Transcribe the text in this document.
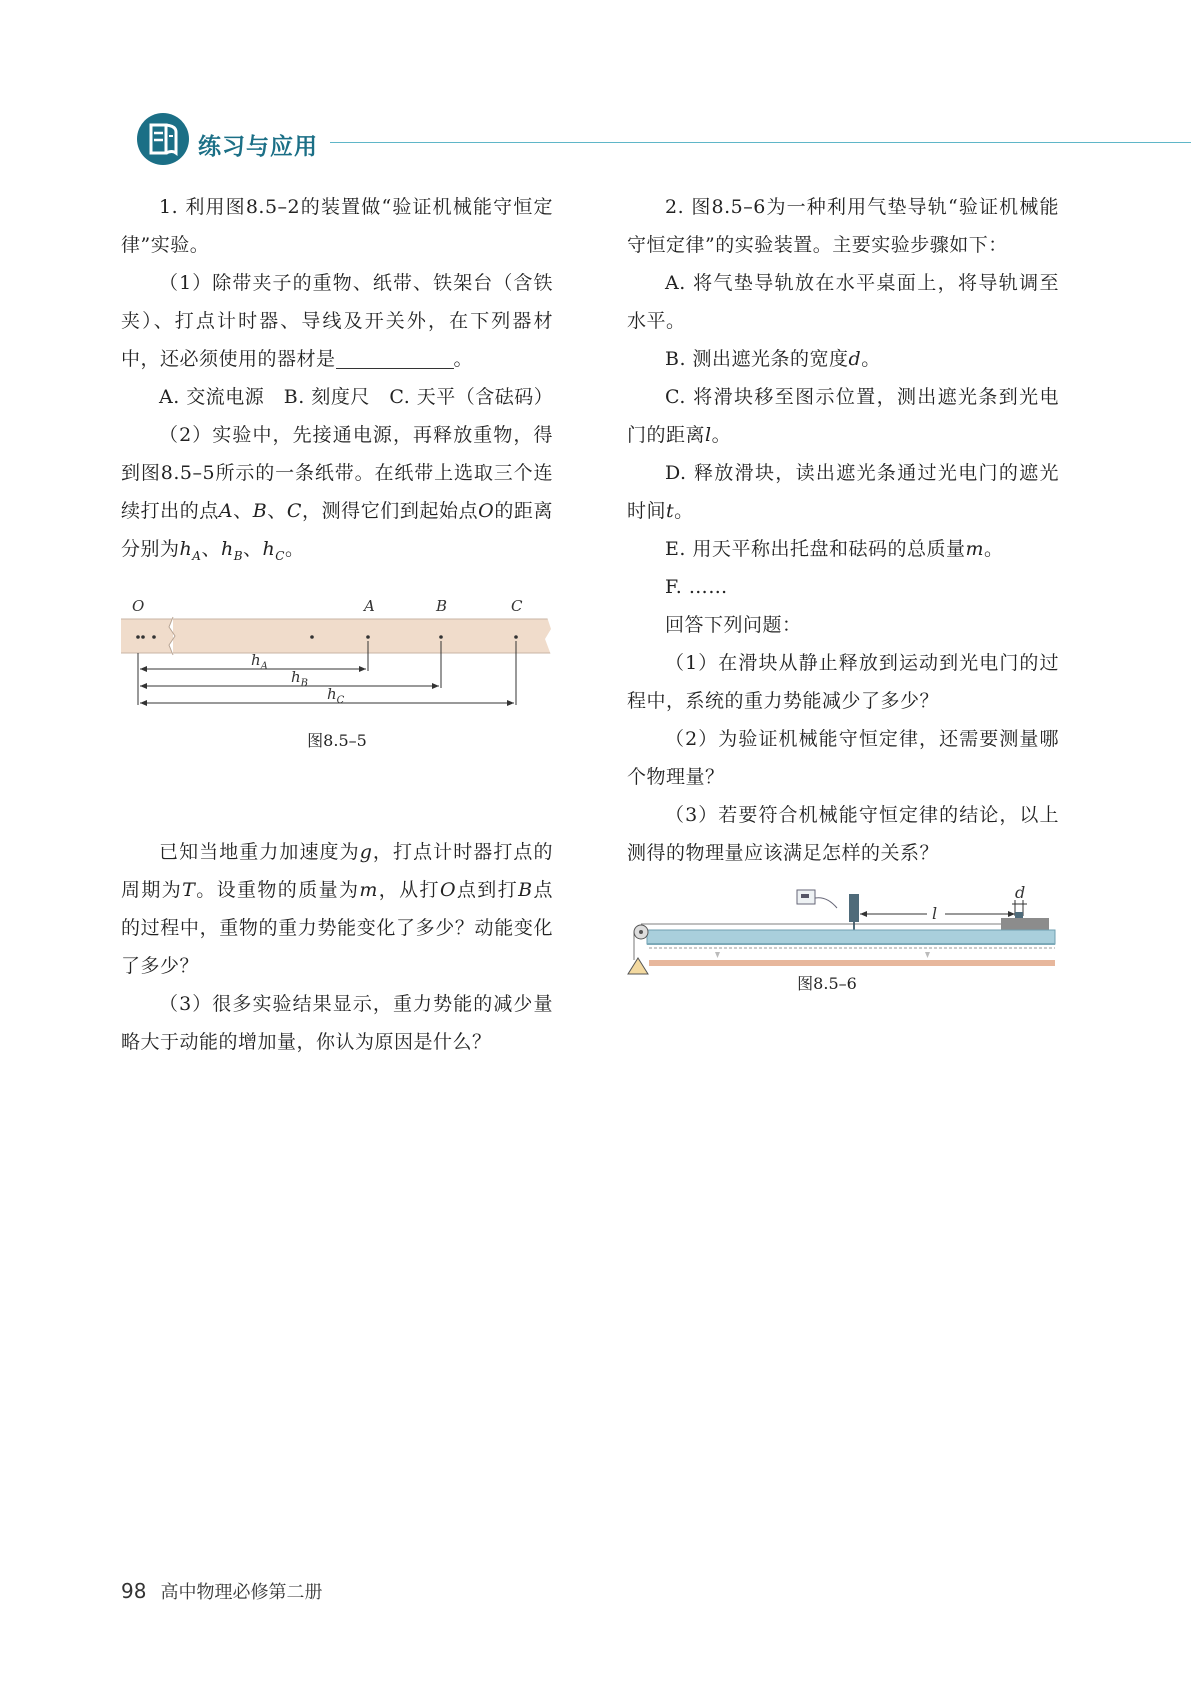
练习与应用

1. 利用图8.5–2的装置做“验证机械能守恒定律”实验。

（1）除带夹子的重物、纸带、铁架台（含铁夹）、打点计时器、导线及开关外，在下列器材中，还必须使用的器材是	。

A. 交流电源　B. 刻度尺　C. 天平（含砝码）

（2）实验中，先接通电源，再释放重物，得到图8.5–5所示的一条纸带。在纸带上选取三个连续打出的点A、B、C，测得它们到起始点O的距离分别为$h_A$、$h_B$、$h_C$。

O	A	B	C
$h_A$
$h_B$
$h_C$
图8.5–5

已知当地重力加速度为g，打点计时器打点的周期为T。设重物的质量为m，从打O点到打B点的过程中，重物的重力势能变化了多少？动能变化了多少？

（3）很多实验结果显示，重力势能的减少量略大于动能的增加量，你认为原因是什么？

2. 图8.5–6为一种利用气垫导轨“验证机械能守恒定律”的实验装置。主要实验步骤如下：

A. 将气垫导轨放在水平桌面上，将导轨调至水平。

B. 测出遮光条的宽度d。

C. 将滑块移至图示位置，测出遮光条到光电门的距离l。

D. 释放滑块，读出遮光条通过光电门的遮光时间t。

E. 用天平称出托盘和砝码的总质量m。

F. ……

回答下列问题：

（1）在滑块从静止释放到运动到光电门的过程中，系统的重力势能减少了多少？

（2）为验证机械能守恒定律，还需要测量哪个物理量？

（3）若要符合机械能守恒定律的结论，以上测得的物理量应该满足怎样的关系？

l
d
图8.5–6
98 高中物理必修第二册
